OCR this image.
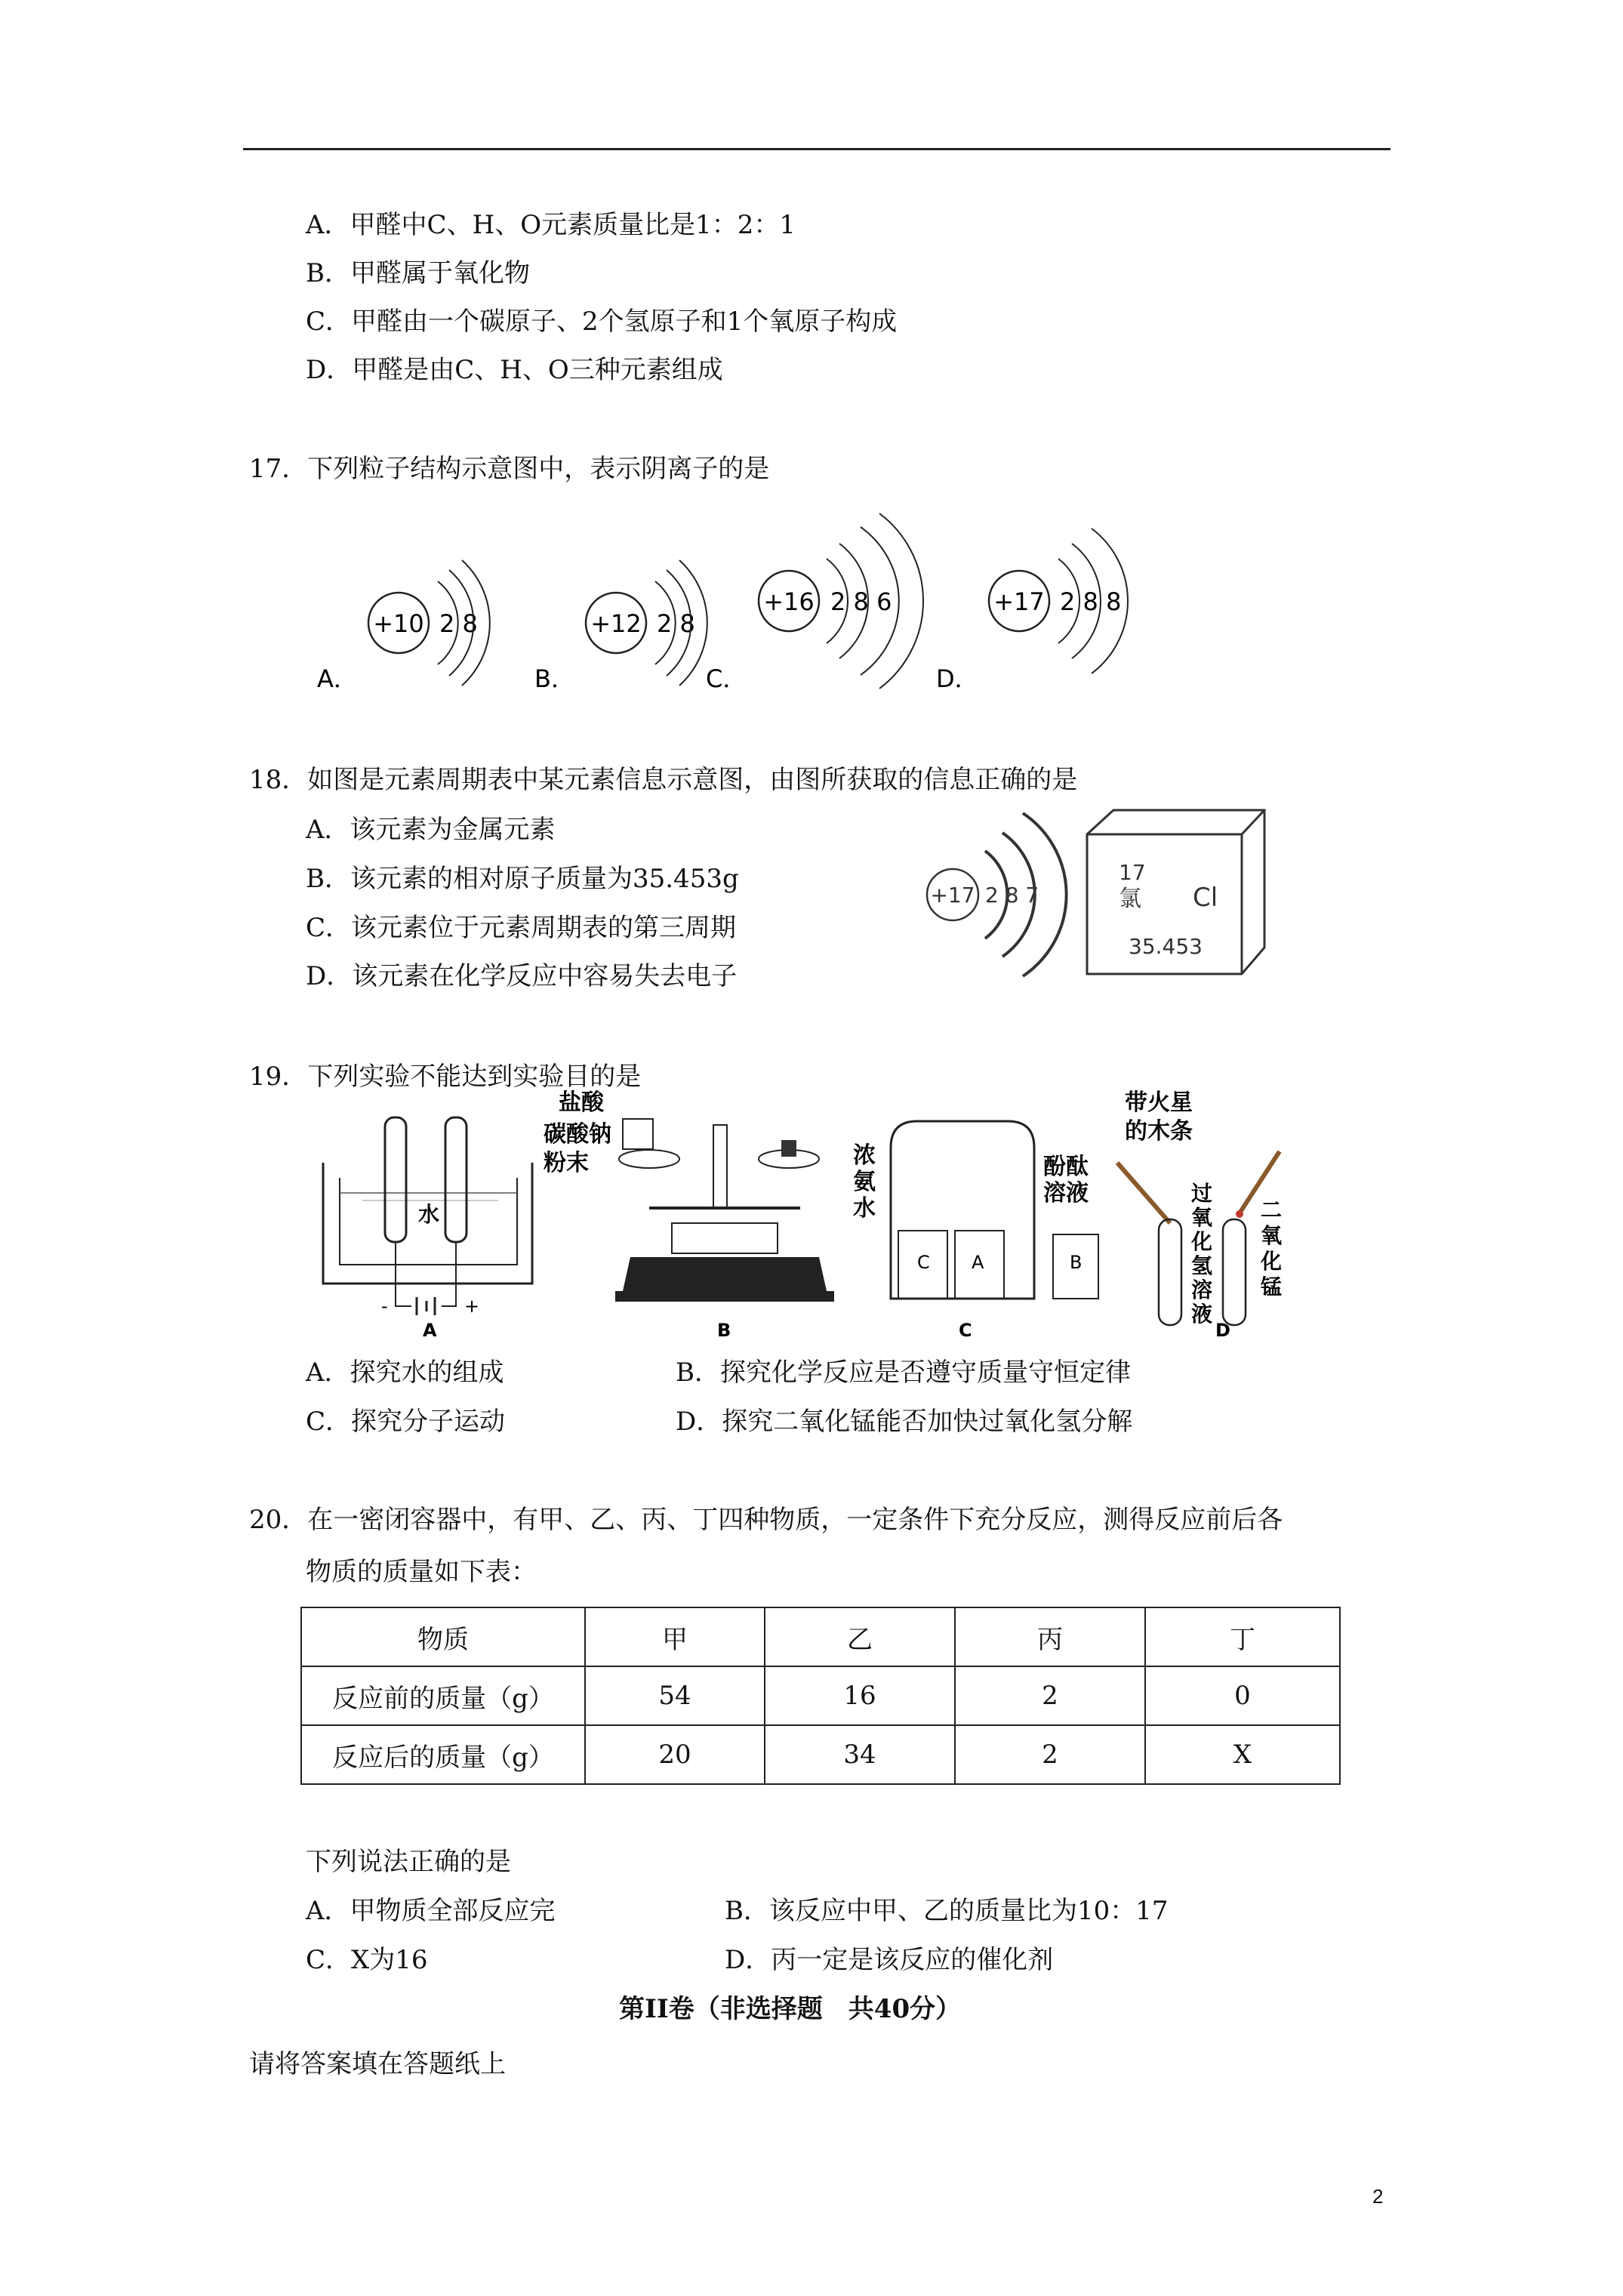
A．甲醛中C、H、O元素质量比是1：2：1
B．甲醛属于氧化物
C．甲醛由一个碳原子、2个氢原子和1个氧原子构成
D．甲醛是由C、H、O三种元素组成
17．下列粒子结构示意图中，表示阴离子的是
+10 2 8
A．
+12 2 8
B．
+16 2 8 6
C．
+17 2 8 8
D．
18．如图是元素周期表中某元素信息示意图，由图所获取的信息正确的是
A．该元素为金属元素
B．该元素的相对原子质量为35.453g
C．该元素位于元素周期表的第三周期
D．该元素在化学反应中容易失去电子
+17 2 8 7
17
氯 Cl
35.453
19．下列实验不能达到实验目的是
水
-	+
A
盐酸
碳酸钠
粉末
B
浓
氨
水
C A	B
酚酞
溶液
C
带火星
的木条
过
氧
化
氢
溶
液
二
氧
化
锰
D
A．探究水的组成	B．探究化学反应是否遵守质量守恒定律
C．探究分子运动	D．探究二氧化锰能否加快过氧化氢分解
20．在一密闭容器中，有甲、乙、丙、丁四种物质，一定条件下充分反应，测得反应前后各
物质的质量如下表：
物质	甲	乙	丙	丁
反应前的质量（g）	54	16	2	0
反应后的质量（g）	20	34	2	X
下列说法正确的是
A．甲物质全部反应完	B．该反应中甲、乙的质量比为10：17
C．X为16	D．丙一定是该反应的催化剂
第II卷（非选择题　共40分）
请将答案填在答题纸上
2
